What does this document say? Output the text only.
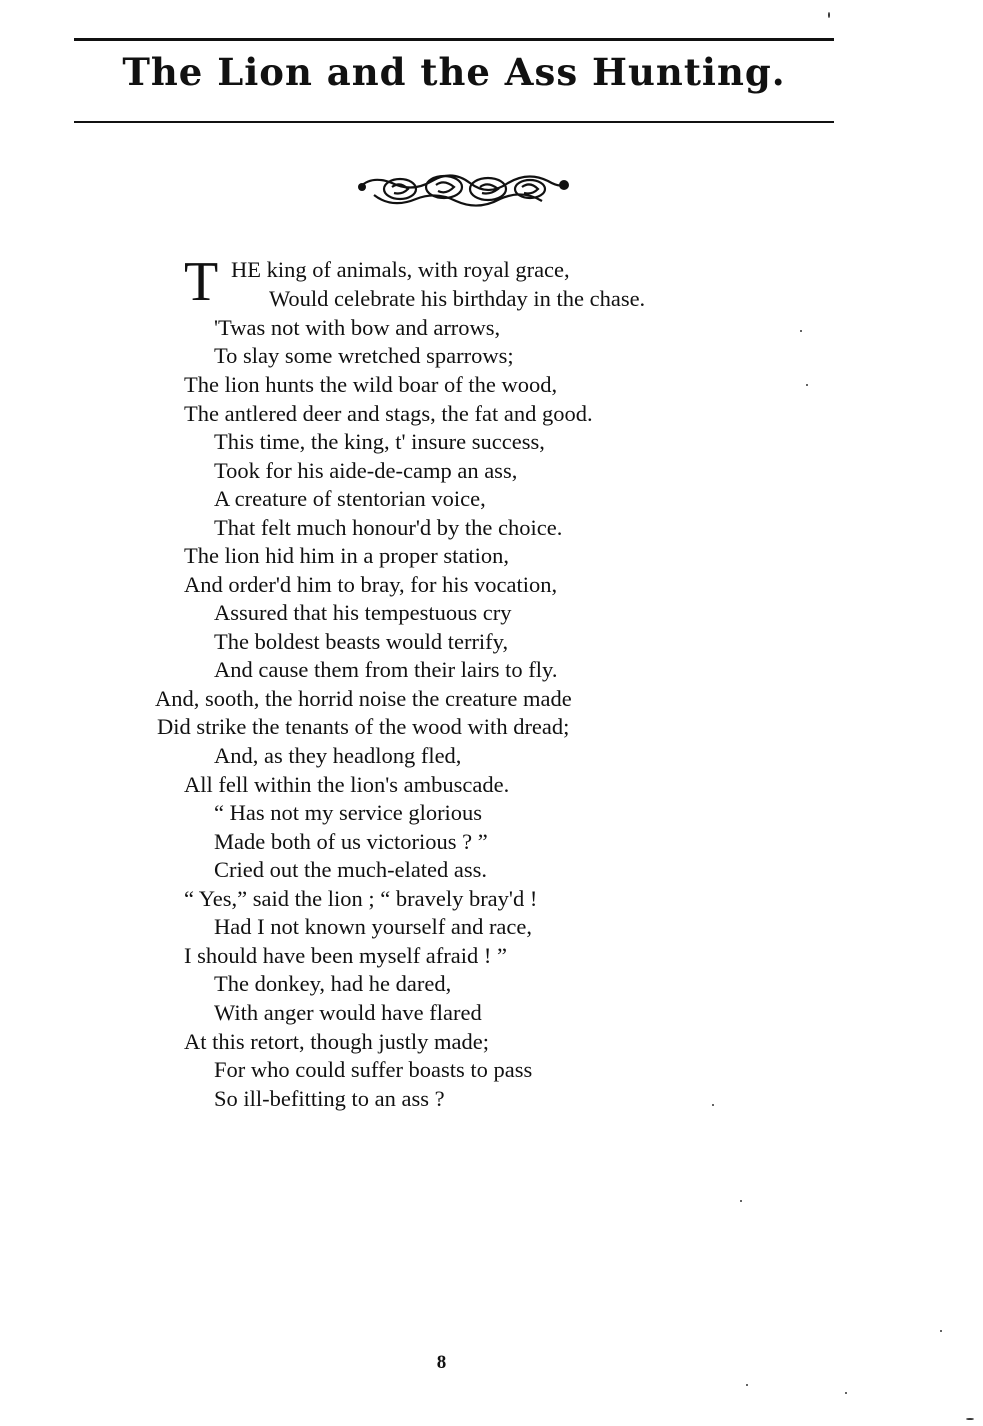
The Lion and the Ass Hunting.
T HE king of animals, with royal grace,
Would celebrate his birthday in the chase.
'Twas not with bow and arrows,
To slay some wretched sparrows;
The lion hunts the wild boar of the wood,
The antlered deer and stags, the fat and good.
This time, the king, t' insure success,
Took for his aide-de-camp an ass,
A creature of stentorian voice,
That felt much honour'd by the choice.
The lion hid him in a proper station,
And order'd him to bray, for his vocation,
Assured that his tempestuous cry
The boldest beasts would terrify,
And cause them from their lairs to fly.
And, sooth, the horrid noise the creature made
Did strike the tenants of the wood with dread;
And, as they headlong fled,
All fell within the lion's ambuscade.
“ Has not my service glorious
Made both of us victorious ? ”
Cried out the much-elated ass.
“ Yes,” said the lion ; “ bravely bray'd !
Had I not known yourself and race,
I should have been myself afraid ! ”
The donkey, had he dared,
With anger would have flared
At this retort, though justly made;
For who could suffer boasts to pass
So ill-befitting to an ass ?
8
